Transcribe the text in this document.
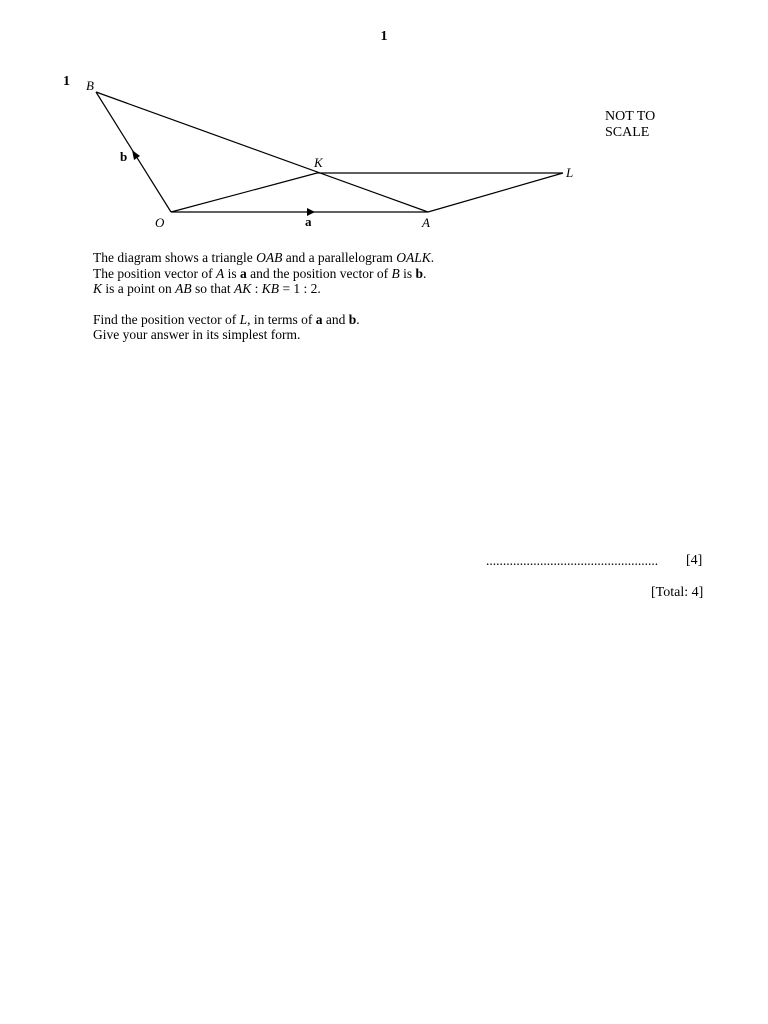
1
1 B
O	A
K
L
a
b
NOT TO
SCALE

The diagram shows a triangle OAB and a parallelogram OALK.

The position vector of A is a and the position vector of B is b.

K is a point on AB so that AK : KB = 1 : 2.

Find the position vector of L, in terms of a and b.

Give your answer in its simplest form.

................................................... [4]
[Total: 4]
